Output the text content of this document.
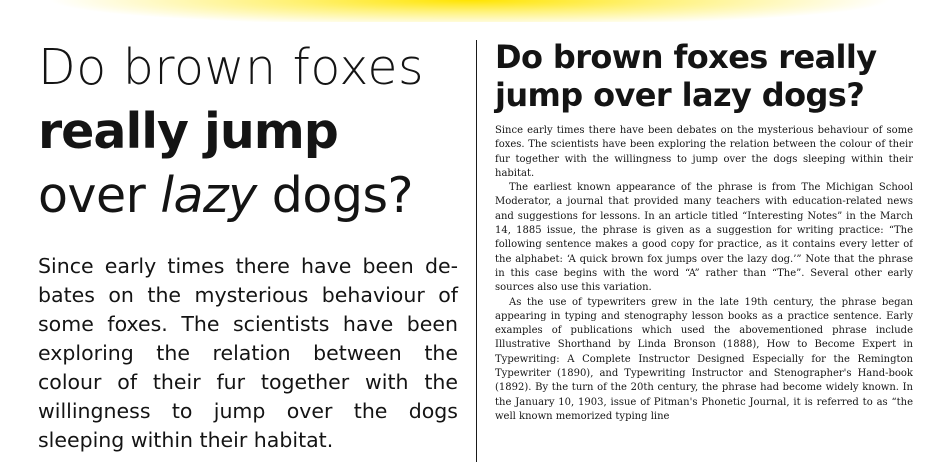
Do brown foxes
really jump
over lazy dogs?

Since early times there have been debates on the mysterious behaviour of some foxes. The scientists have been exploring the relation between the colour of their fur together with the willingness to jump over the dogs sleeping within their habitat.

Do brown foxes really
jump over lazy dogs?

Since early times there have been debates on the mysterious behaviour of some foxes. The scientists have been exploring the relation between the colour of their fur together with the willingness to jump over the dogs sleeping within their habitat.

The earliest known appearance of the phrase is from The Michigan School Moderator, a journal that provided many teachers with education-related news and suggestions for lessons. In an article titled “Interesting Notes” in the March 14, 1885 issue, the phrase is given as a suggestion for writing practice: “The following sentence makes a good copy for practice, as it contains every letter of the alphabet: ‘A quick brown fox jumps over the lazy dog.’” Note that the phrase in this case begins with the word “A” rather than “The”. Several other early sources also use this variation.

As the use of typewriters grew in the late 19th century, the phrase began appearing in typing and stenography lesson books as a practice sentence. Early examples of publications which used the abovementioned phrase include Illustrative Shorthand by Linda Bronson (1888), How to Become Expert in Typewriting: A Complete Instructor Designed Especially for the Remington Typewriter (1890), and Typewriting Instructor and Stenographer's Hand-book (1892). By the turn of the 20th century, the phrase had become widely known. In the January 10, 1903, issue of Pitman's Phonetic Journal, it is referred to as “the well known memorized typing line
